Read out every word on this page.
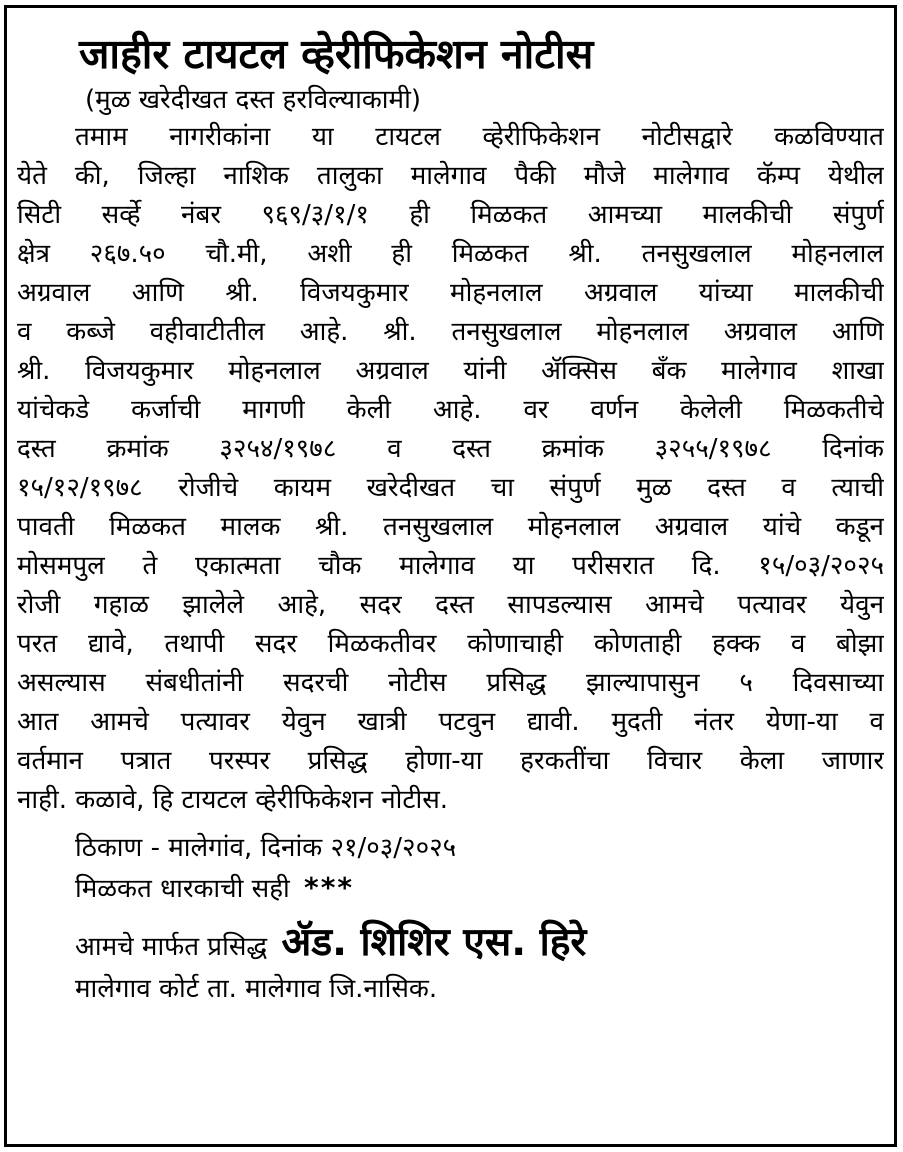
जाहीर टायटल व्हेरीफिकेशन नोटीस
(मुळ खरेदीखत दस्त हरविल्याकामी)
तमाम नागरीकांना या टायटल व्हेरीफिकेशन नोटीसद्वारे कळविण्यात
येते की, जिल्हा नाशिक तालुका मालेगाव पैकी मौजे मालेगाव कॅम्प येथील
सिटी सर्व्हे नंबर ९६९/३/१/१ ही मिळकत आमच्या मालकीची संपुर्ण
क्षेत्र २६७.५० चौ.मी, अशी ही मिळकत श्री. तनसुखलाल मोहनलाल
अग्रवाल आणि श्री. विजयकुमार मोहनलाल अग्रवाल यांच्या मालकीची
व कब्जे वहीवाटीतील आहे. श्री. तनसुखलाल मोहनलाल अग्रवाल आणि
श्री. विजयकुमार मोहनलाल अग्रवाल यांनी ॲक्सिस बँक मालेगाव शाखा
यांचेकडे कर्जाची मागणी केली आहे. वर वर्णन केलेली मिळकतीचे
दस्त क्रमांक ३२५४/१९७८ व दस्त क्रमांक ३२५५/१९७८ दिनांक
१५/१२/१९७८ रोजीचे कायम खरेदीखत चा संपुर्ण मुळ दस्त व त्याची
पावती मिळकत मालक श्री. तनसुखलाल मोहनलाल अग्रवाल यांचे कडून
मोसमपुल ते एकात्मता चौक मालेगाव या परीसरात दि. १५/०३/२०२५
रोजी गहाळ झालेले आहे, सदर दस्त सापडल्यास आमचे पत्यावर येवुन
परत द्यावे, तथापी सदर मिळकतीवर कोणाचाही कोणताही हक्क व बोझा
असल्यास संबधीतांनी सदरची नोटीस प्रसिद्ध झाल्यापासुन ५ दिवसाच्या
आत आमचे पत्यावर येवुन खात्री पटवुन द्यावी. मुदती नंतर येणा-या व
वर्तमान पत्रात परस्पर प्रसिद्ध होणा-या हरकतींचा विचार केला जाणार
नाही. कळावे, हि टायटल व्हेरीफिकेशन नोटीस.
ठिकाण - मालेगांव, दिनांक २१/०३/२०२५
मिळकत धारकाची सही ***
आमचे मार्फत प्रसिद्ध ॲड. शिशिर एस. हिरे
मालेगाव कोर्ट ता. मालेगाव जि.नासिक.
